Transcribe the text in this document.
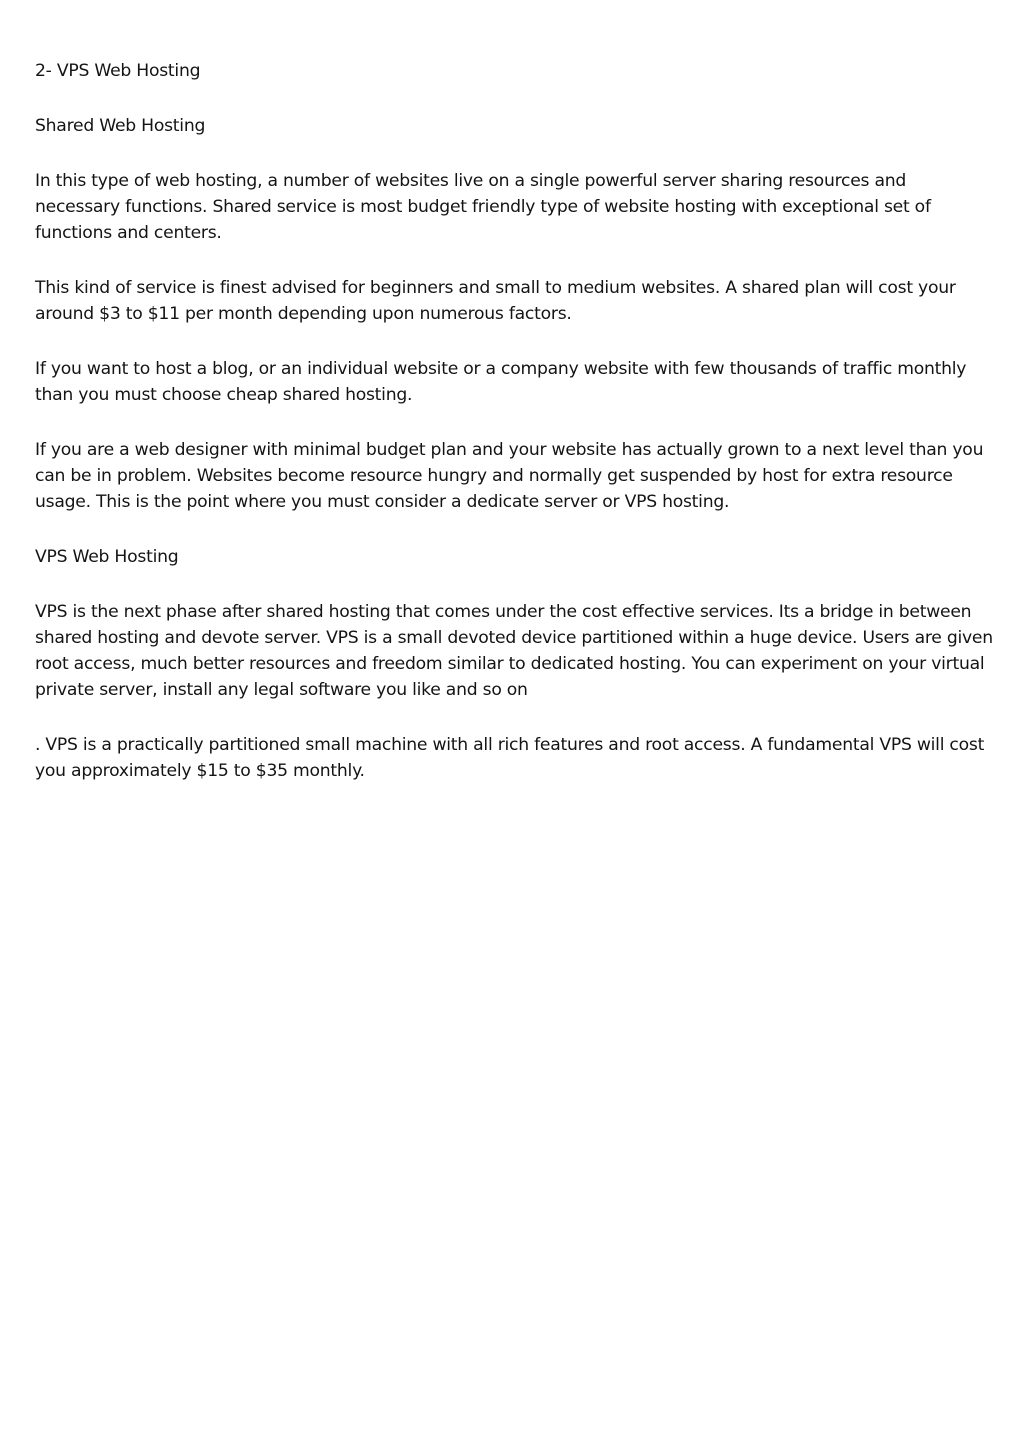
2- VPS Web Hosting

Shared Web Hosting

In this type of web hosting, a number of websites live on a single powerful server sharing resources and necessary functions. Shared service is most budget friendly type of website hosting with exceptional set of functions and centers.

This kind of service is finest advised for beginners and small to medium websites. A shared plan will cost your around $3 to $11 per month depending upon numerous factors.

If you want to host a blog, or an individual website or a company website with few thousands of traffic monthly than you must choose cheap shared hosting.

If you are a web designer with minimal budget plan and your website has actually grown to a next level than you can be in problem. Websites become resource hungry and normally get suspended by host for extra resource usage. This is the point where you must consider a dedicate server or VPS hosting.

VPS Web Hosting

VPS is the next phase after shared hosting that comes under the cost effective services. Its a bridge in between shared hosting and devote server. VPS is a small devoted device partitioned within a huge device. Users are given root access, much better resources and freedom similar to dedicated hosting. You can experiment on your virtual private server, install any legal software you like and so on

. VPS is a practically partitioned small machine with all rich features and root access. A fundamental VPS will cost you approximately $15 to $35 monthly.
